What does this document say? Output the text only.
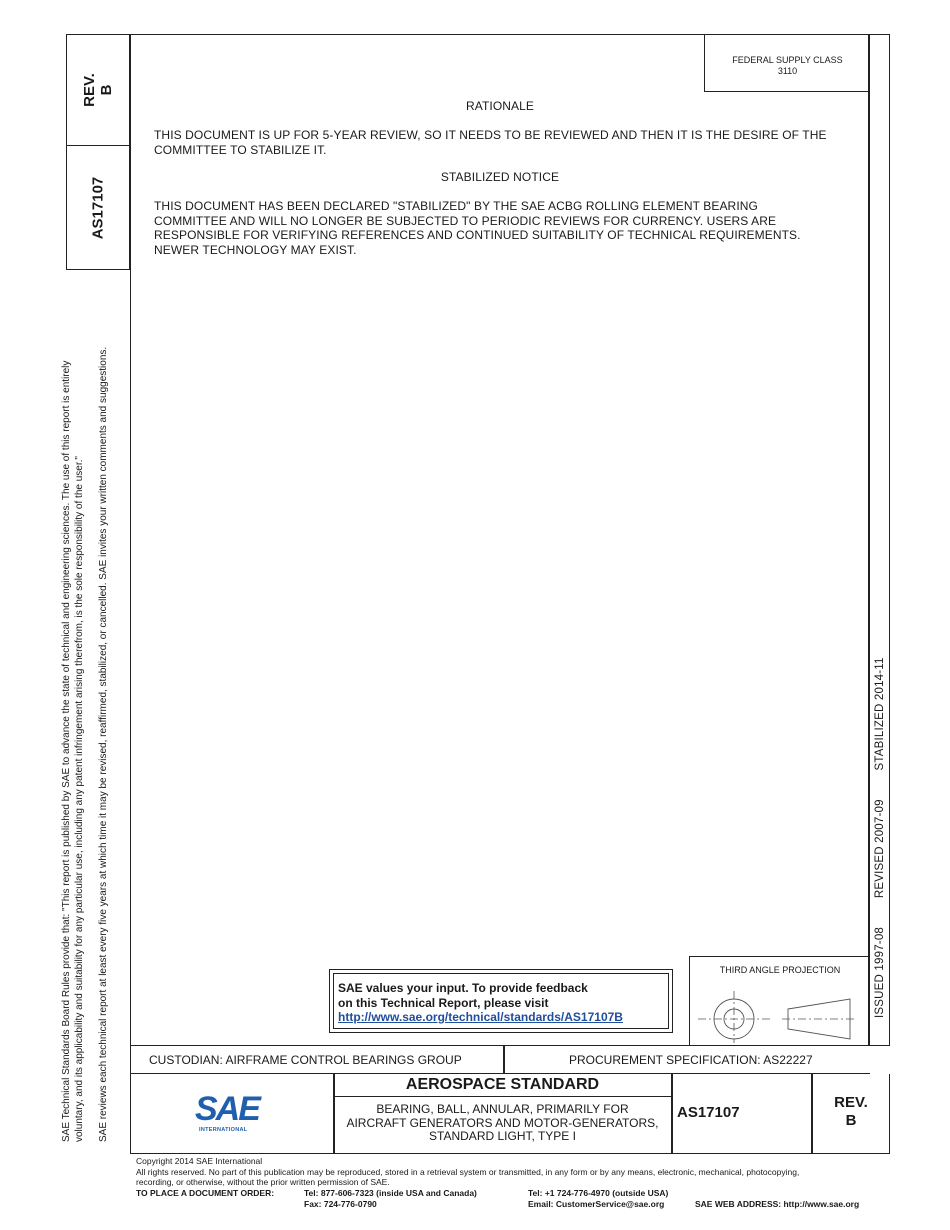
FEDERAL SUPPLY CLASS
3110
REV. B
AS17107
SAE Technical Standards Board Rules provide that: "This report is published by SAE to advance the state of technical and engineering sciences. The use of this report is entirely voluntary, and its applicability and suitability for any particular use, including any patent infringement arising therefrom, is the sole responsibility of the user." SAE reviews each technical report at least every five years at which time it may be revised, reaffirmed, stabilized, or cancelled. SAE invites your written comments and suggestions.
RATIONALE
THIS DOCUMENT IS UP FOR 5-YEAR REVIEW, SO IT NEEDS TO BE REVIEWED AND THEN IT IS THE DESIRE OF THE
COMMITTEE TO STABILIZE IT.
STABILIZED NOTICE
THIS DOCUMENT HAS BEEN DECLARED "STABILIZED" BY THE SAE ACBG ROLLING ELEMENT BEARING
COMMITTEE AND WILL NO LONGER BE SUBJECTED TO PERIODIC REVIEWS FOR CURRENCY. USERS ARE
RESPONSIBLE FOR VERIFYING REFERENCES AND CONTINUED SUITABILITY OF TECHNICAL REQUIREMENTS.
NEWER TECHNOLOGY MAY EXIST.
ISSUED 1997-08  REVISED 2007-09  STABILIZED 2014-11
SAE values your input. To provide feedback
on this Technical Report, please visit
http://www.sae.org/technical/standards/AS17107B
THIRD ANGLE PROJECTION
CUSTODIAN: AIRFRAME CONTROL BEARINGS GROUP	PROCUREMENT SPECIFICATION: AS22227
SAE
INTERNATIONAL
AEROSPACE STANDARD
BEARING, BALL, ANNULAR, PRIMARILY FOR
AIRCRAFT GENERATORS AND MOTOR-GENERATORS,
STANDARD LIGHT, TYPE I
AS17107
REV.
B
Copyright 2014 SAE International
All rights reserved. No part of this publication may be reproduced, stored in a retrieval system or transmitted, in any form or by any means, electronic, mechanical, photocopying,
recording, or otherwise, without the prior written permission of SAE.
TO PLACE A DOCUMENT ORDER:	Tel: 877-606-7323 (inside USA and Canada)
Fax: 724-776-0790
Tel: +1 724-776-4970 (outside USA)
Email: CustomerService@sae.org	SAE WEB ADDRESS: http://www.sae.org
